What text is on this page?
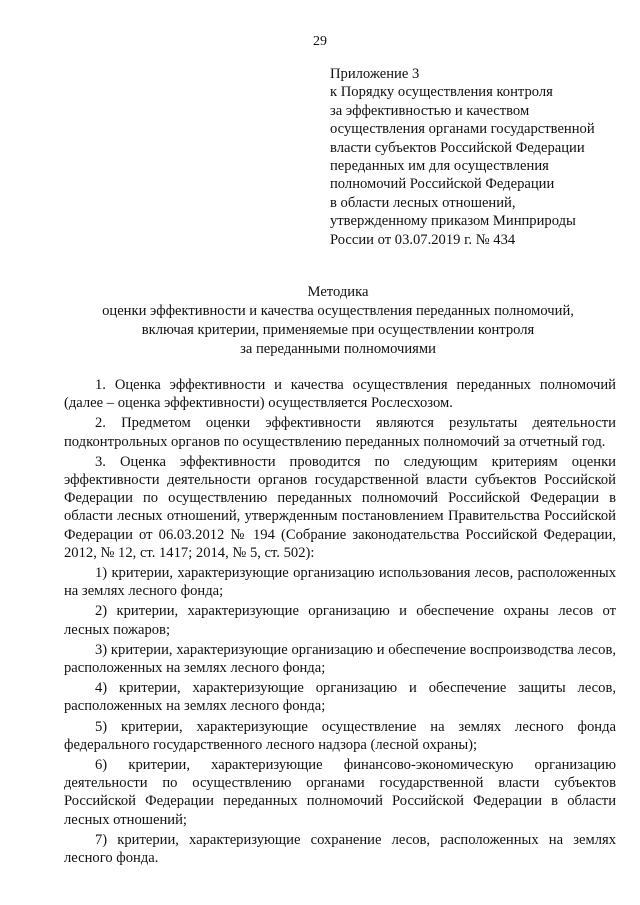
29
Приложение 3
к Порядку осуществления контроля
за эффективностью и качеством
осуществления органами государственной
власти субъектов Российской Федерации
переданных им для осуществления
полномочий Российской Федерации
в области лесных отношений,
утвержденному приказом Минприроды
России от 03.07.2019 г. № 434
Методика
оценки эффективности и качества осуществления переданных полномочий,
включая критерии, применяемые при осуществлении контроля
за переданными полномочиями

1. Оценка эффективности и качества осуществления переданных полномочий (далее – оценка эффективности) осуществляется Рослесхозом.

2. Предметом оценки эффективности являются результаты деятельности подконтрольных органов по осуществлению переданных полномочий за отчетный год.

3. Оценка эффективности проводится по следующим критериям оценки эффективности деятельности органов государственной власти субъектов Российской Федерации по осуществлению переданных полномочий Российской Федерации в области лесных отношений, утвержденным постановлением Правительства Российской Федерации от 06.03.2012 № 194 (Собрание законодательства Российской Федерации, 2012, № 12, ст. 1417; 2014, № 5, ст. 502):

1) критерии, характеризующие организацию использования лесов, расположенных на землях лесного фонда;

2) критерии, характеризующие организацию и обеспечение охраны лесов от лесных пожаров;

3) критерии, характеризующие организацию и обеспечение воспроизводства лесов, расположенных на землях лесного фонда;

4) критерии, характеризующие организацию и обеспечение защиты лесов, расположенных на землях лесного фонда;

5) критерии, характеризующие осуществление на землях лесного фонда федерального государственного лесного надзора (лесной охраны);

6) критерии, характеризующие финансово-экономическую организацию деятельности по осуществлению органами государственной власти субъектов Российской Федерации переданных полномочий Российской Федерации в области лесных отношений;

7) критерии, характеризующие сохранение лесов, расположенных на землях лесного фонда.
